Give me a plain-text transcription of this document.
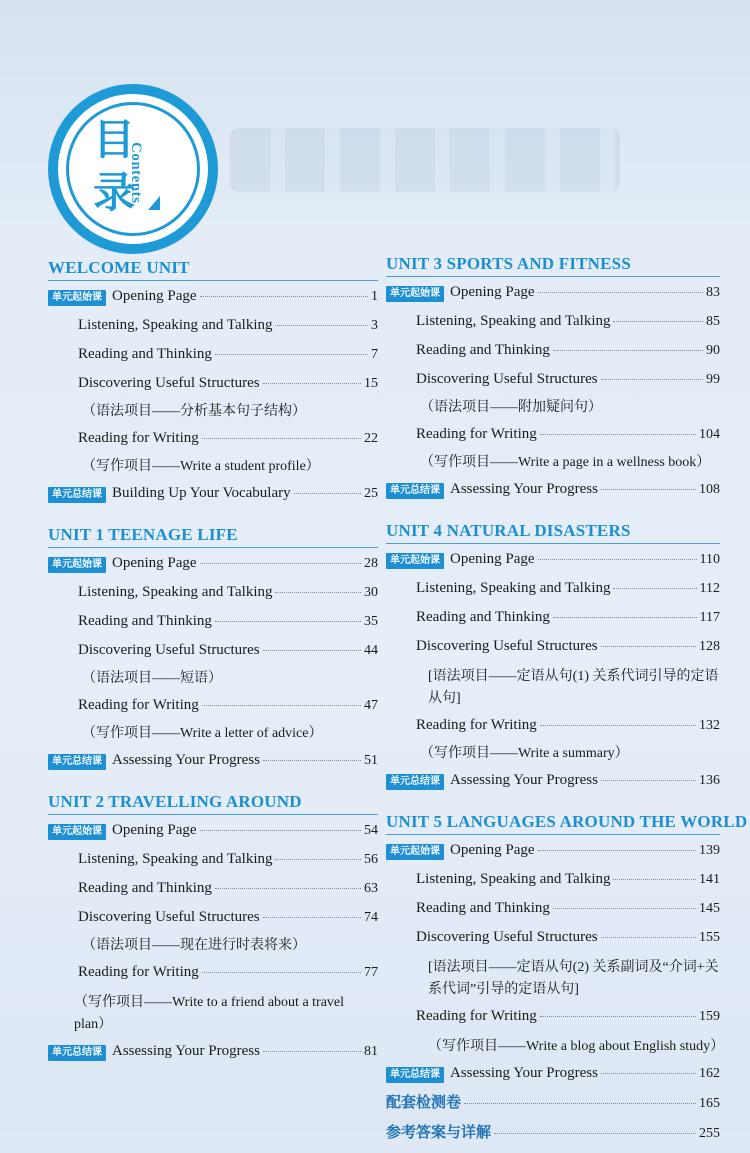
目
录
Contents
WELCOME UNIT
单元起始课 Opening Page	1
Listening, Speaking and Talking	3
Reading and Thinking	7
Discovering Useful Structures	15
（语法项目——分析基本句子结构）
Reading for Writing	22
（写作项目——Write a student profile）
单元总结课 Building Up Your Vocabulary	25
UNIT 1 TEENAGE LIFE
单元起始课 Opening Page	28
Listening, Speaking and Talking	30
Reading and Thinking	35
Discovering Useful Structures	44
（语法项目——短语）
Reading for Writing	47
（写作项目——Write a letter of advice）
单元总结课 Assessing Your Progress	51
UNIT 2 TRAVELLING AROUND
单元起始课 Opening Page	54
Listening, Speaking and Talking	56
Reading and Thinking	63
Discovering Useful Structures	74
（语法项目——现在进行时表将来）
Reading for Writing	77
（写作项目——Write to a friend about a travel plan）
单元总结课 Assessing Your Progress	81
UNIT 3 SPORTS AND FITNESS
单元起始课 Opening Page	83
Listening, Speaking and Talking	85
Reading and Thinking	90
Discovering Useful Structures	99
（语法项目——附加疑问句）
Reading for Writing	104
（写作项目——Write a page in a wellness book）
单元总结课 Assessing Your Progress	108
UNIT 4 NATURAL DISASTERS
单元起始课 Opening Page	110
Listening, Speaking and Talking	112
Reading and Thinking	117
Discovering Useful Structures	128
[语法项目——定语从句(1) 关系代词引导的定语从句]
Reading for Writing	132
（写作项目——Write a summary）
单元总结课 Assessing Your Progress	136
UNIT 5 LANGUAGES AROUND THE WORLD
单元起始课 Opening Page	139
Listening, Speaking and Talking	141
Reading and Thinking	145
Discovering Useful Structures	155
[语法项目——定语从句(2) 关系副词及“介词+关系代词”引导的定语从句]
Reading for Writing	159
（写作项目——Write a blog about English study）
单元总结课 Assessing Your Progress	162
配套检测卷	165
参考答案与详解	255
